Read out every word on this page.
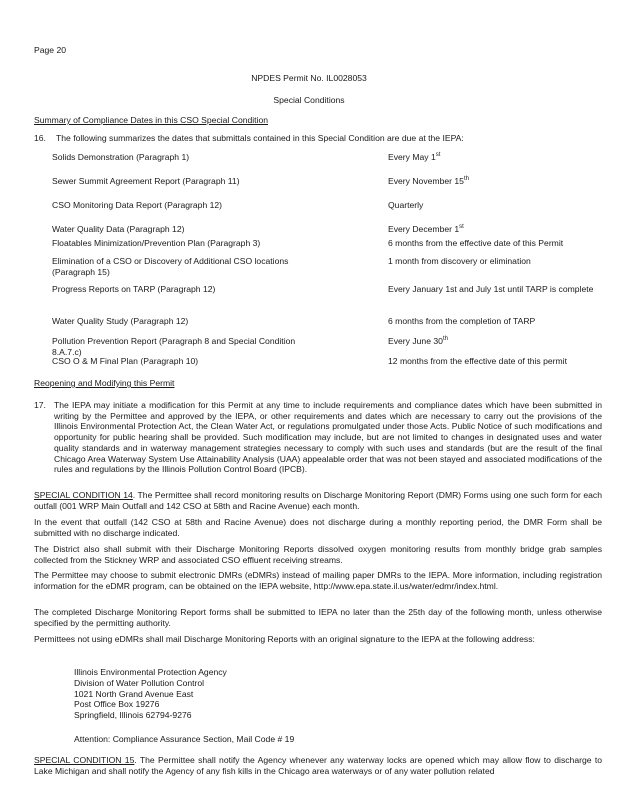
Page 20
NPDES Permit No. IL0028053
Special Conditions
Summary of Compliance Dates in this CSO Special Condition
16. The following summarizes the dates that submittals contained in this Special Condition are due at the IEPA:
Solids Demonstration (Paragraph 1)	Every May 1st
Sewer Summit Agreement Report (Paragraph 11)	Every November 15th
CSO Monitoring Data Report (Paragraph 12)	Quarterly
Water Quality Data (Paragraph 12)	Every December 1st
Floatables Minimization/Prevention Plan (Paragraph 3)	6 months from the effective date of this Permit
Elimination of a CSO or Discovery of Additional CSO locations (Paragraph 15)
1 month from discovery or elimination
Progress Reports on TARP (Paragraph 12)	Every January 1st and July 1st until TARP is complete
Water Quality Study (Paragraph 12)	6 months from the completion of TARP
Pollution Prevention Report (Paragraph 8 and Special Condition 8.A.7.c)
Every June 30th
CSO O & M Final Plan (Paragraph 10)	12 months from the effective date of this permit
Reopening and Modifying this Permit
17. The IEPA may initiate a modification for this Permit at any time to include requirements and compliance dates which have been submitted in writing by the Permittee and approved by the IEPA, or other requirements and dates which are necessary to carry out the provisions of the Illinois Environmental Protection Act, the Clean Water Act, or regulations promulgated under those Acts. Public Notice of such modifications and opportunity for public hearing shall be provided. Such modification may include, but are not limited to changes in designated uses and water quality standards and in waterway management strategies necessary to comply with such uses and standards (but are the result of the final Chicago Area Waterway System Use Attainability Analysis (UAA) appealable order that was not been stayed and associated modifications of the rules and regulations by the Illinois Pollution Control Board (IPCB).
SPECIAL CONDITION 14. The Permittee shall record monitoring results on Discharge Monitoring Report (DMR) Forms using one such form for each outfall (001 WRP Main Outfall and 142 CSO at 58th and Racine Avenue) each month.
In the event that outfall (142 CSO at 58th and Racine Avenue) does not discharge during a monthly reporting period, the DMR Form shall be submitted with no discharge indicated.
The District also shall submit with their Discharge Monitoring Reports dissolved oxygen monitoring results from monthly bridge grab samples collected from the Stickney WRP and associated CSO effluent receiving streams.
The Permittee may choose to submit electronic DMRs (eDMRs) instead of mailing paper DMRs to the IEPA. More information, including registration information for the eDMR program, can be obtained on the IEPA website, http://www.epa.state.il.us/water/edmr/index.html.
The completed Discharge Monitoring Report forms shall be submitted to IEPA no later than the 25th day of the following month, unless otherwise specified by the permitting authority.
Permittees not using eDMRs shall mail Discharge Monitoring Reports with an original signature to the IEPA at the following address:
Illinois Environmental Protection Agency
Division of Water Pollution Control
1021 North Grand Avenue East
Post Office Box 19276
Springfield, Illinois 62794-9276
Attention: Compliance Assurance Section, Mail Code # 19
SPECIAL CONDITION 15. The Permittee shall notify the Agency whenever any waterway locks are opened which may allow flow to discharge to Lake Michigan and shall notify the Agency of any fish kills in the Chicago area waterways or of any water pollution related
